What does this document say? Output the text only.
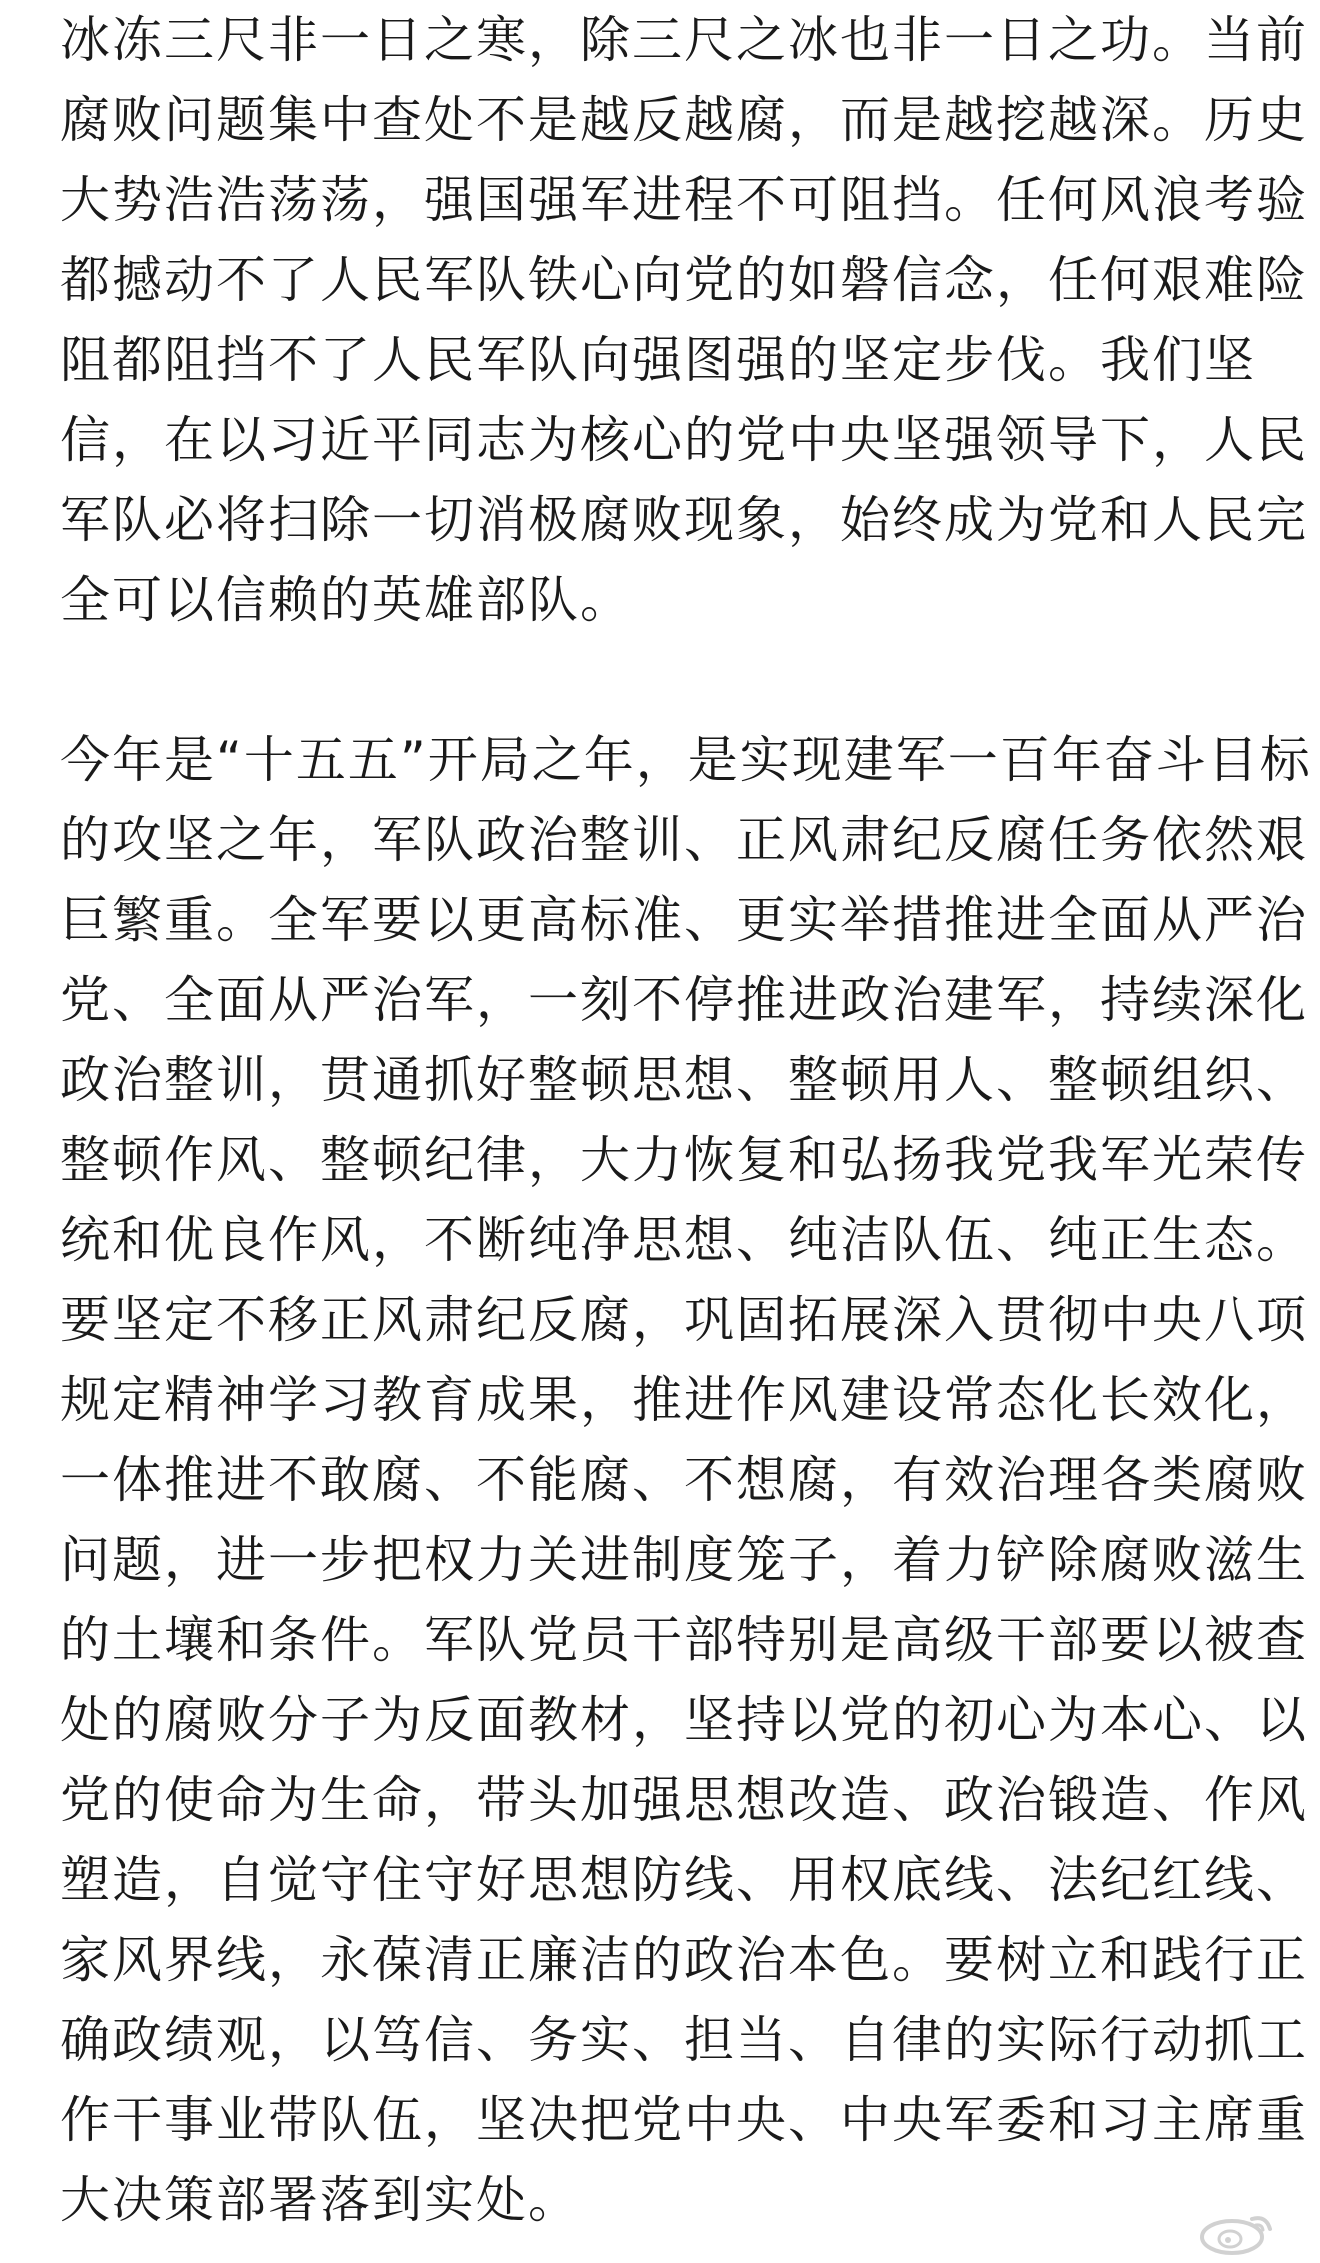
冰冻三尺非一日之寒，除三尺之冰也非一日之功。当前
腐败问题集中查处不是越反越腐，而是越挖越深。历史
大势浩浩荡荡，强国强军进程不可阻挡。任何风浪考验
都撼动不了人民军队铁心向党的如磐信念，任何艰难险
阻都阻挡不了人民军队向强图强的坚定步伐。我们坚
信，在以习近平同志为核心的党中央坚强领导下，人民
军队必将扫除一切消极腐败现象，始终成为党和人民完
全可以信赖的英雄部队。
今年是“十五五”开局之年，是实现建军一百年奋斗目标
的攻坚之年，军队政治整训、正风肃纪反腐任务依然艰
巨繁重。全军要以更高标准、更实举措推进全面从严治
党、全面从严治军，一刻不停推进政治建军，持续深化
政治整训，贯通抓好整顿思想、整顿用人、整顿组织、
整顿作风、整顿纪律，大力恢复和弘扬我党我军光荣传
统和优良作风，不断纯净思想、纯洁队伍、纯正生态。
要坚定不移正风肃纪反腐，巩固拓展深入贯彻中央八项
规定精神学习教育成果，推进作风建设常态化长效化，
一体推进不敢腐、不能腐、不想腐，有效治理各类腐败
问题，进一步把权力关进制度笼子，着力铲除腐败滋生
的土壤和条件。军队党员干部特别是高级干部要以被查
处的腐败分子为反面教材，坚持以党的初心为本心、以
党的使命为生命，带头加强思想改造、政治锻造、作风
塑造，自觉守住守好思想防线、用权底线、法纪红线、
家风界线，永葆清正廉洁的政治本色。要树立和践行正
确政绩观，以笃信、务实、担当、自律的实际行动抓工
作干事业带队伍，坚决把党中央、中央军委和习主席重
大决策部署落到实处。
